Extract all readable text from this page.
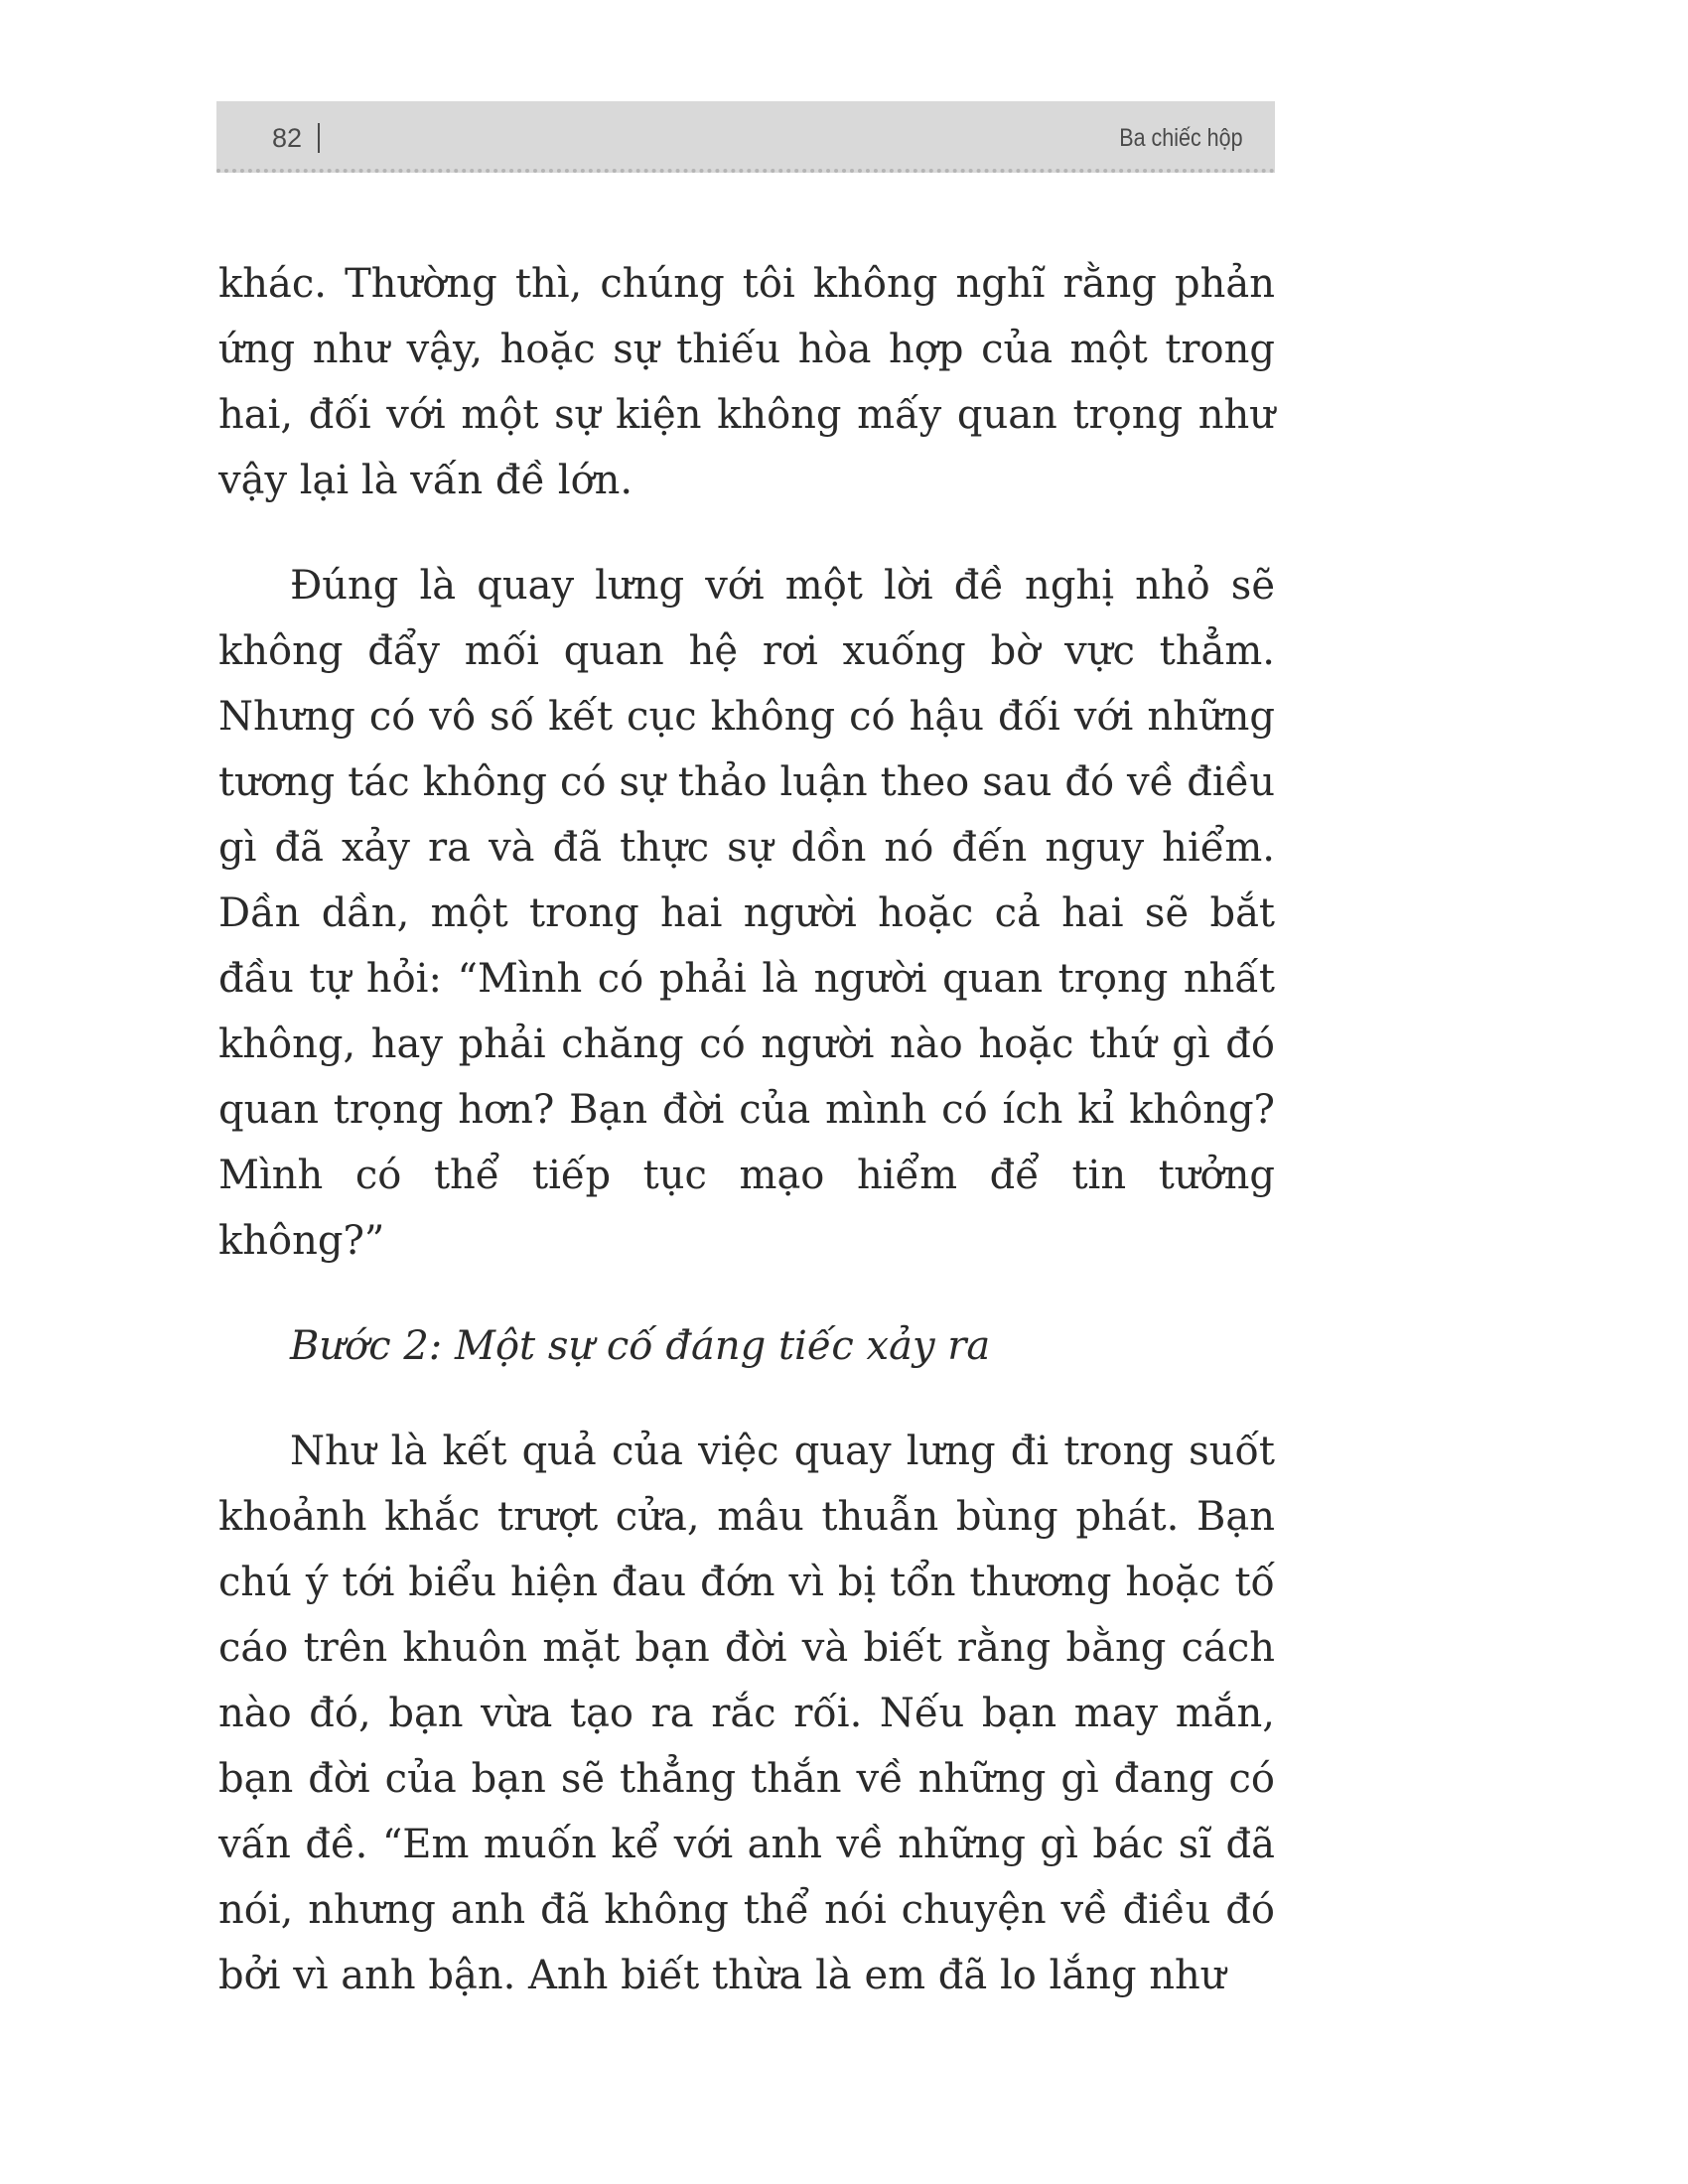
82	Ba chiếc hộp

khác. Thường thì, chúng tôi không nghĩ rằng phản ứng như vậy, hoặc sự thiếu hòa hợp của một trong hai, đối với một sự kiện không mấy quan trọng như vậy lại là vấn đề lớn.

Đúng là quay lưng với một lời đề nghị nhỏ sẽ không đẩy mối quan hệ rơi xuống bờ vực thẳm. Nhưng có vô số kết cục không có hậu đối với những tương tác không có sự thảo luận theo sau đó về điều gì đã xảy ra và đã thực sự dồn nó đến nguy hiểm. Dần dần, một trong hai người hoặc cả hai sẽ bắt đầu tự hỏi: “Mình có phải là người quan trọng nhất không, hay phải chăng có người nào hoặc thứ gì đó quan trọng hơn? Bạn đời của mình có ích kỉ không? Mình có thể tiếp tục mạo hiểm để tin tưởng không?”

Bước 2: Một sự cố đáng tiếc xảy ra

Như là kết quả của việc quay lưng đi trong suốt khoảnh khắc trượt cửa, mâu thuẫn bùng phát. Bạn chú ý tới biểu hiện đau đớn vì bị tổn thương hoặc tố cáo trên khuôn mặt bạn đời và biết rằng bằng cách nào đó, bạn vừa tạo ra rắc rối. Nếu bạn may mắn, bạn đời của bạn sẽ thẳng thắn về những gì đang có vấn đề. “Em muốn kể với anh về những gì bác sĩ đã nói, nhưng anh đã không thể nói chuyện về điều đó bởi vì anh bận. Anh biết thừa là em đã lo lắng như
